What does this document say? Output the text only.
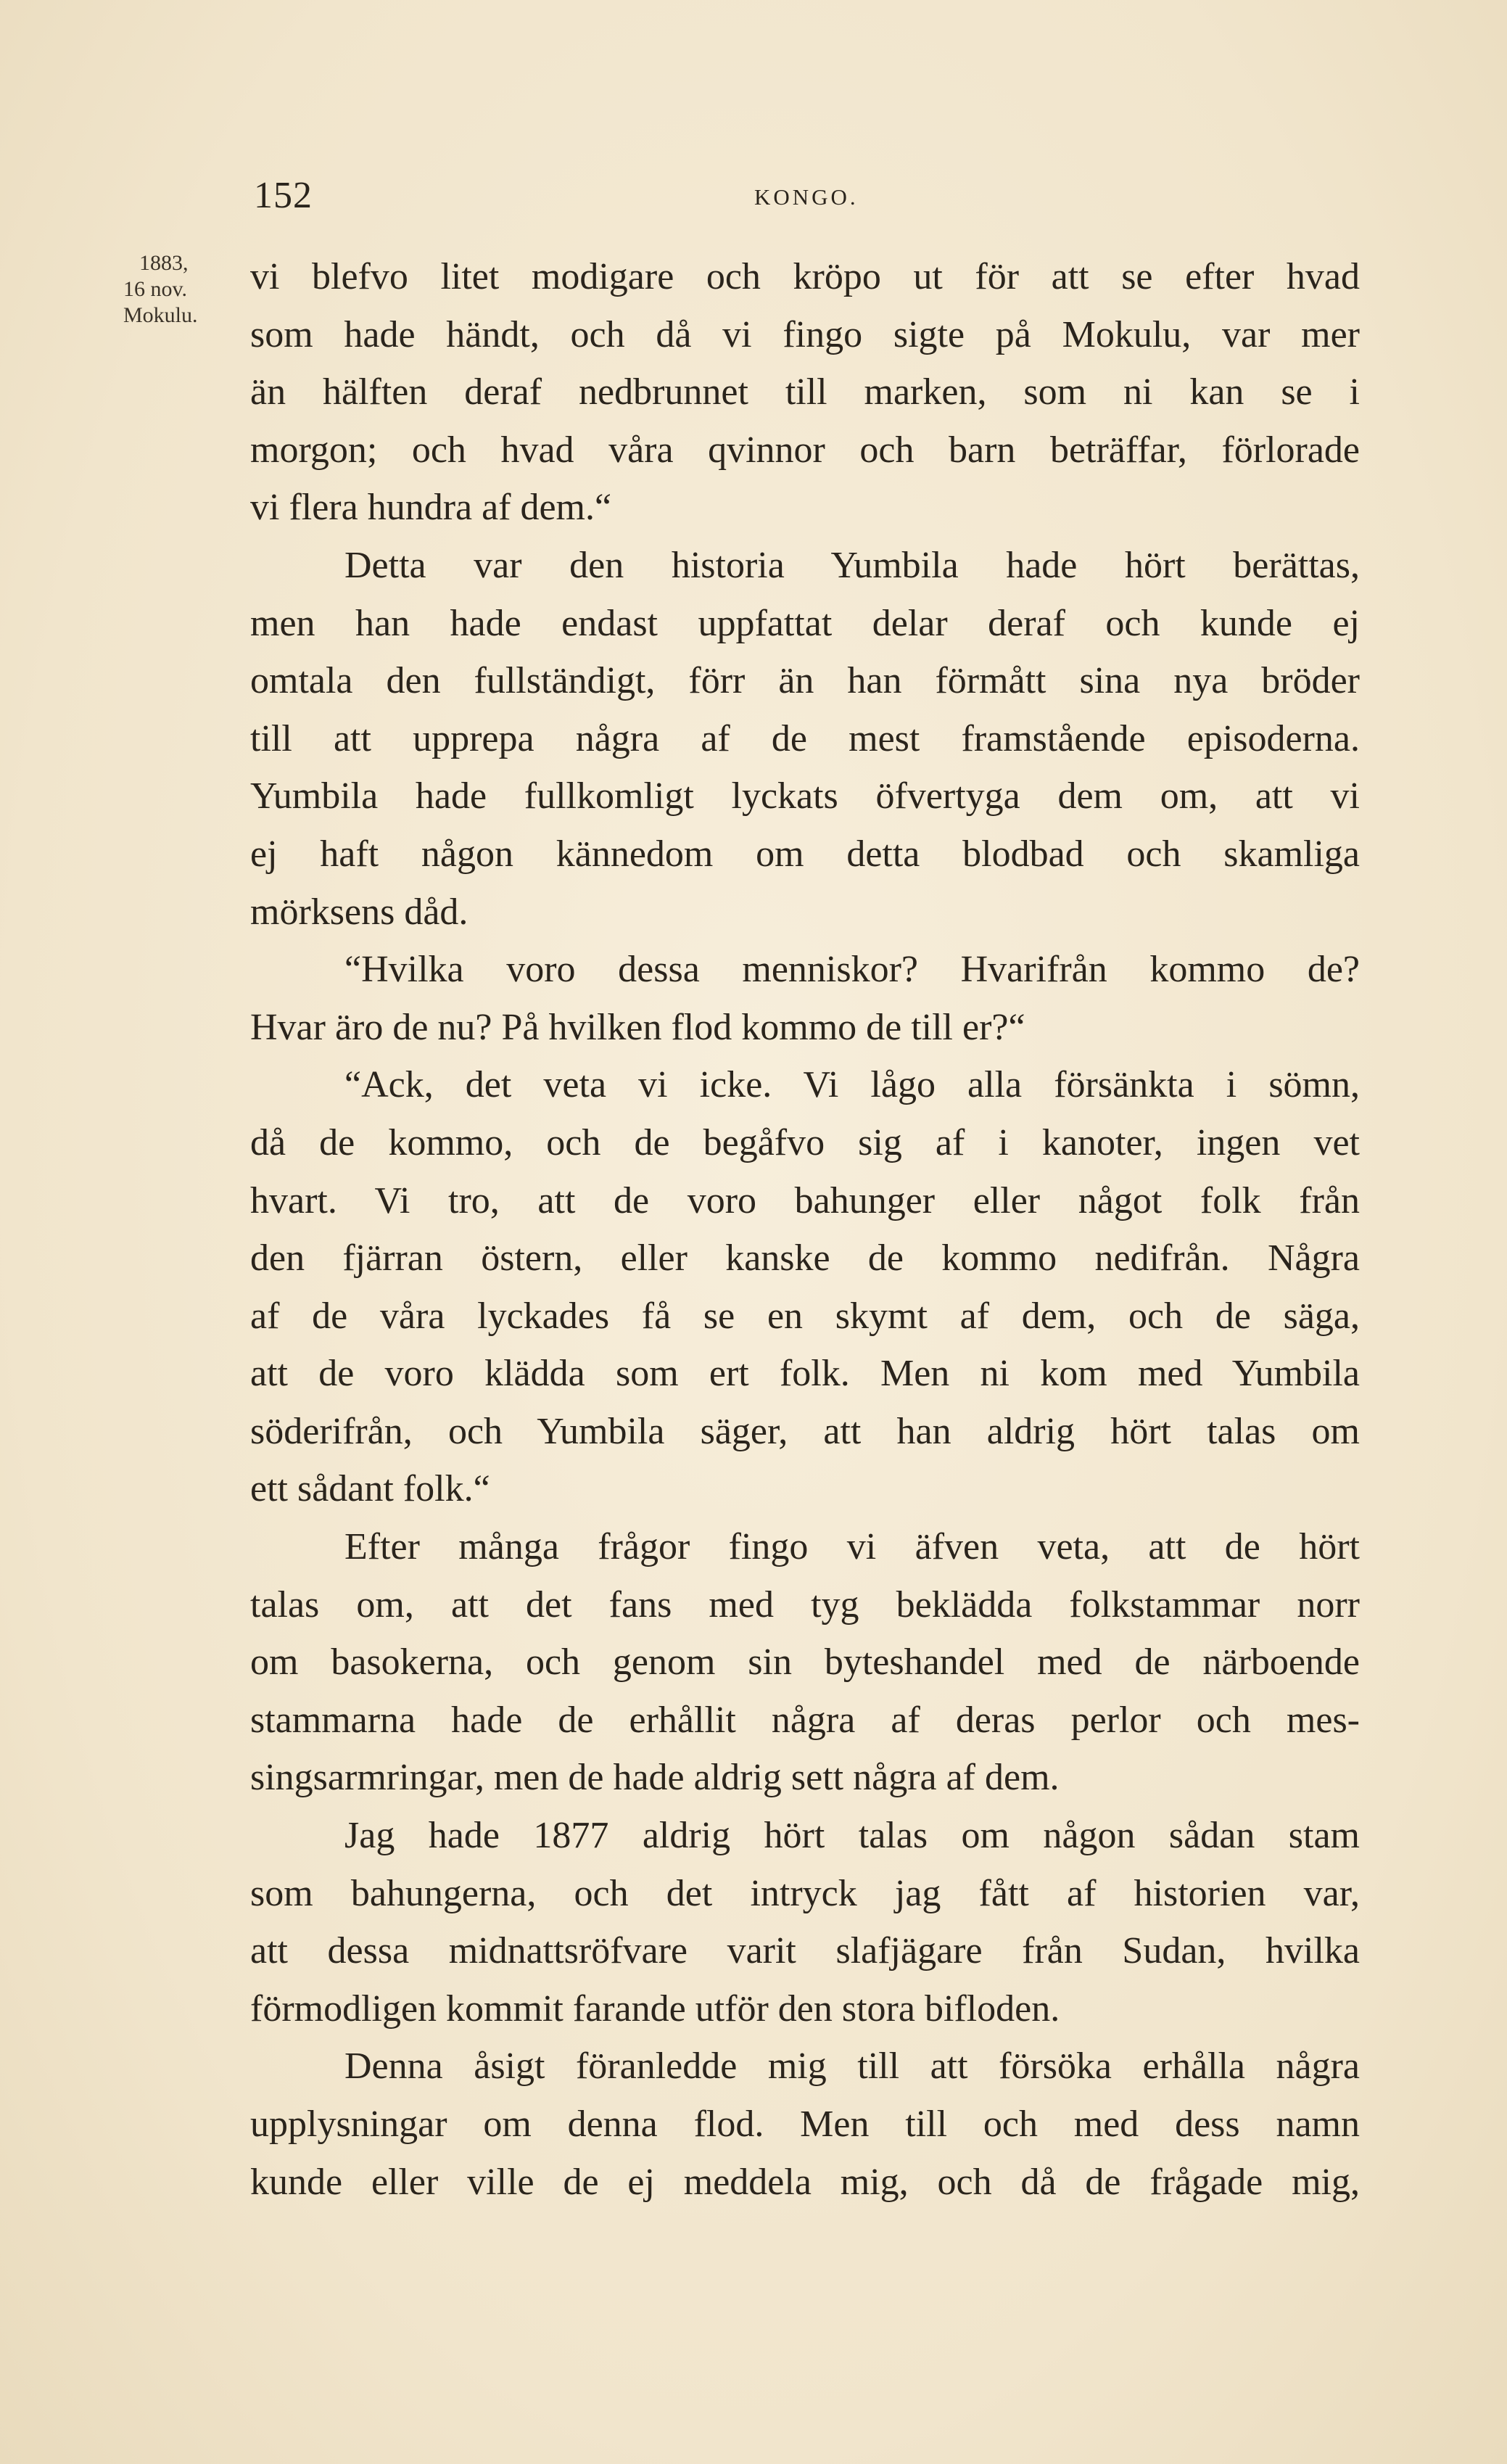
152	KONGO.
1883,
16 nov.
Mokulu.
vi blefvo litet modigare och kröpo ut för att se efter hvad
som hade händt, och då vi fingo sigte på Mokulu, var mer
än hälften deraf nedbrunnet till marken, som ni kan se i
morgon; och hvad våra qvinnor och barn beträffar, förlorade
vi flera hundra af dem.“
Detta var den historia Yumbila hade hört berättas,
men han hade endast uppfattat delar deraf och kunde ej
omtala den fullständigt, förr än han förmått sina nya bröder
till att upprepa några af de mest framstående episoderna.
Yumbila hade fullkomligt lyckats öfvertyga dem om, att vi
ej haft någon kännedom om detta blodbad och skamliga
mörksens dåd.
“Hvilka voro dessa menniskor? Hvarifrån kommo de?
Hvar äro de nu? På hvilken flod kommo de till er?“
“Ack, det veta vi icke. Vi lågo alla försänkta i sömn,
då de kommo, och de begåfvo sig af i kanoter, ingen vet
hvart. Vi tro, att de voro bahunger eller något folk från
den fjärran östern, eller kanske de kommo nedifrån. Några
af de våra lyckades få se en skymt af dem, och de säga,
att de voro klädda som ert folk. Men ni kom med Yumbila
söderifrån, och Yumbila säger, att han aldrig hört talas om
ett sådant folk.“
Efter många frågor fingo vi äfven veta, att de hört
talas om, att det fans med tyg beklädda folkstammar norr
om basokerna, och genom sin byteshandel med de närboende
stammarna hade de erhållit några af deras perlor och mes-
singsarmringar, men de hade aldrig sett några af dem.
Jag hade 1877 aldrig hört talas om någon sådan stam
som bahungerna, och det intryck jag fått af historien var,
att dessa midnattsröfvare varit slafjägare från Sudan, hvilka
förmodligen kommit farande utför den stora bifloden.
Denna åsigt föranledde mig till att försöka erhålla några
upplysningar om denna flod. Men till och med dess namn
kunde eller ville de ej meddela mig, och då de frågade mig,
